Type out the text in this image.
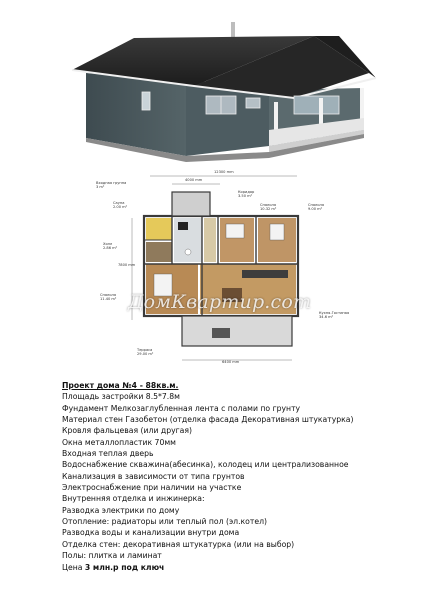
Входная группа
3 m²
Сауна
2.00 m²
Холл
2.86 m²
Спальня
11.40 m²
Коридор
3.50 m²
Спальня
10.32 m²
Спальня
9.00 m²
Кухня-Гостиная
34.6 m²
Терраса
29.00 m²
12300 mm
4000 mm
7800 mm
6400 mm
ДомКвартир.com
Проект дома №4 - 88кв.м.
Площадь застройки 8.5*7.8м
Фундамент Мелкозаглубленная лента с полами по грунту
Материал стен Газобетон (отделка фасада Декоративная штукатурка)
Кровля фальцевая (или другая)
Окна металлопластик 70мм
Входная теплая дверь
Водоснабжение скважина(абесинка), колодец или централизованное
Канализация в зависимости от типа грунтов
Электроснабжение при наличии на участке
Внутренняя отделка и инжинерка:
Разводка электрики по дому
Отопление: радиаторы или теплый пол (эл.котел)
Разводка воды и канализации внутри дома
Отделка стен: декоративная штукатурка (или на выбор)
Полы: плитка и ламинат
Цена 3 млн.р под ключ
